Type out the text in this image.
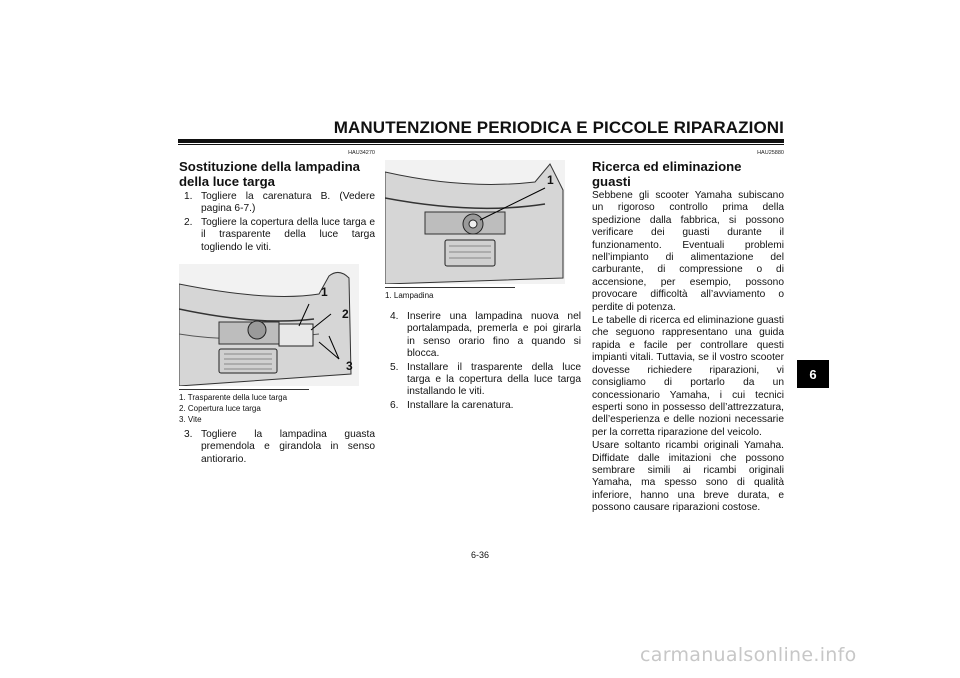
MANUTENZIONE PERIODICA E PICCOLE RIPARAZIONI
HAU34270
Sostituzione della lampadina
della luce targa
1. Togliere la carenatura B. (Vedere pagina 6-7.)
2. Togliere la copertura della luce targa e il trasparente della luce targa togliendo le viti.
1
2
3
1. Trasparente della luce targa
2. Copertura luce targa
3. Vite
3. Togliere la lampadina guasta premendola e girandola in senso antiorario.
1
1. Lampadina
4. Inserire una lampadina nuova nel portalampada, premerla e poi girarla in senso orario fino a quando si blocca.
5. Installare il trasparente della luce targa e la copertura della luce targa installando le viti.
6. Installare la carenatura.
HAU25880
Ricerca ed eliminazione guasti
Sebbene gli scooter Yamaha subiscano un rigoroso controllo prima della spedizione dalla fabbrica, si possono verificare dei guasti durante il funzionamento. Eventuali problemi nell’impianto di alimentazione del carburante, di compressione o di accensione, per esempio, possono provocare difficoltà all’avviamento o perdite di potenza.
Le tabelle di ricerca ed eliminazione guasti che seguono rappresentano una guida rapida e facile per controllare questi impianti vitali. Tuttavia, se il vostro scooter dovesse richiedere riparazioni, vi consigliamo di portarlo da un concessionario Yamaha, i cui tecnici esperti sono in possesso dell’attrezzatura, dell’esperienza e delle nozioni necessarie per la corretta riparazione del veicolo.
Usare soltanto ricambi originali Yamaha. Diffidate dalle imitazioni che possono sembrare simili ai ricambi originali Yamaha, ma spesso sono di qualità inferiore, hanno una breve durata, e possono causare riparazioni costose.
6
6-36
carmanualsonline.info
